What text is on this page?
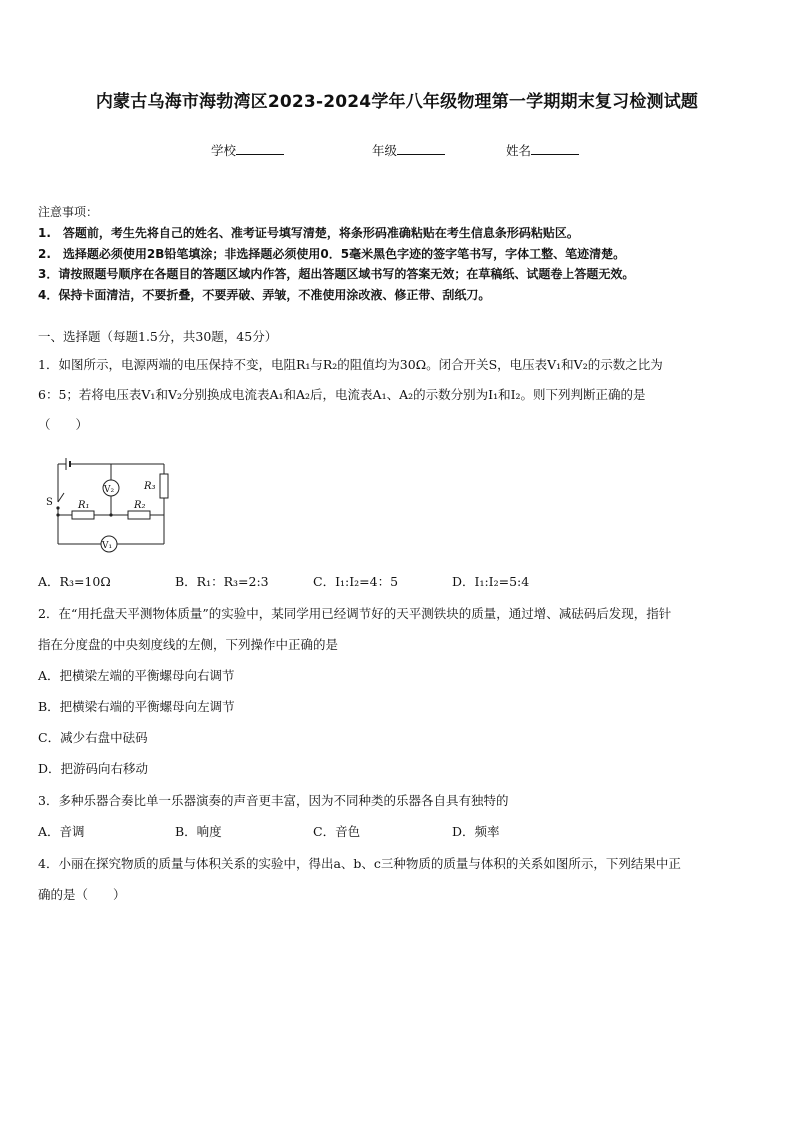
内蒙古乌海市海勃湾区2023-2024学年八年级物理第一学期期末复习检测试题
学校	年级	姓名
注意事项：
1.　答题前，考生先将自己的姓名、准考证号填写清楚，将条形码准确粘贴在考生信息条形码粘贴区。
2.　选择题必须使用2B铅笔填涂；非选择题必须使用0．5毫米黑色字迹的签字笔书写，字体工整、笔迹清楚。
3．请按照题号顺序在各题目的答题区域内作答，超出答题区域书写的答案无效；在草稿纸、试题卷上答题无效。
4．保持卡面清洁，不要折叠，不要弄破、弄皱，不准使用涂改液、修正带、刮纸刀。
一、选择题（每题1.5分，共30题，45分）
1．如图所示，电源两端的电压保持不变，电阻R₁与R₂的阻值均为30Ω。闭合开关S，电压表V₁和V₂的示数之比为
6：5；若将电压表V₁和V₂分别换成电流表A₁和A₂后，电流表A₁、A₂的示数分别为I₁和I₂。则下列判断正确的是
（　　）
R₃
R₁	R₂
S
V₂
V₁
A．R₃=10Ω	B．R₁：R₃=2:3	C．I₁:I₂=4：5	D．I₁:I₂=5:4
2．在“用托盘天平测物体质量”的实验中，某同学用已经调节好的天平测铁块的质量，通过增、减砝码后发现，指针
指在分度盘的中央刻度线的左侧，下列操作中正确的是
A．把横梁左端的平衡螺母向右调节
B．把横梁右端的平衡螺母向左调节
C．减少右盘中砝码
D．把游码向右移动
3．多种乐器合奏比单一乐器演奏的声音更丰富，因为不同种类的乐器各自具有独特的
A．音调	B．响度	C．音色	D．频率
4．小丽在探究物质的质量与体积关系的实验中，得出a、b、c三种物质的质量与体积的关系如图所示，下列结果中正
确的是（　　）
